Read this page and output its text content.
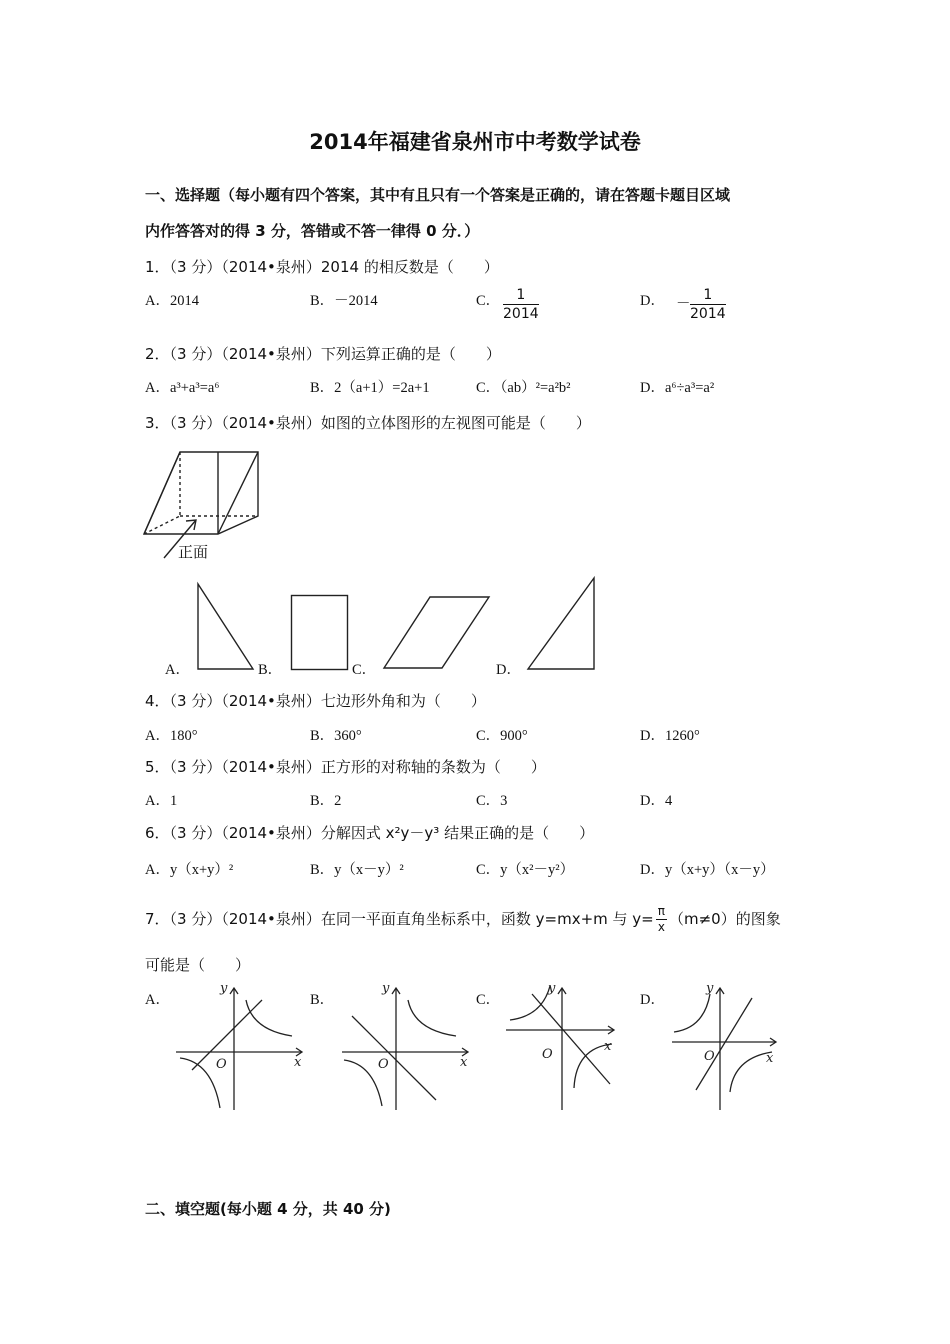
2014年福建省泉州市中考数学试卷
一、选择题（每小题有四个答案，其中有且只有一个答案是正确的，请在答题卡题目区域
内作答答对的得 3 分，答错或不答一律得 0 分．）
1．（3 分）（2014•泉州）2014 的相反数是（　　）
A．2014	B．－2014	C． $\frac{1}{2014}$	D． － $\frac{1}{2014}$
2．（3 分）（2014•泉州）下列运算正确的是（　　）
A．a³+a³=a⁶	B．2（a+1）=2a+1	C．（ab）²=a²b²	D．a⁶÷a³=a²
3．（3 分）（2014•泉州）如图的立体图形的左视图可能是（　　）
正面
A．	B．	C．	D．
4．（3 分）（2014•泉州）七边形外角和为（　　）
A．180°	B．360°	C．900°	D．1260°
5．（3 分）（2014•泉州）正方形的对称轴的条数为（　　）
A．1	B．2	C．3	D．4
6．（3 分）（2014•泉州）分解因式 x²y－y³ 结果正确的是（　　）
A．y（x+y）²	B．y（x－y）²	C．y（x²－y²）	D．y（x+y）（x－y）
7．（3 分）（2014•泉州）在同一平面直角坐标系中，函数 y=mx+m 与 $y= \frac{\pi}{x} (m\ne 0)$的图象
可能是（　　）
A．	B．	C．	D．
y
x
O
y
x
O
y
x
O
y
x
O
二、填空题(每小题 4 分，共 40 分)
